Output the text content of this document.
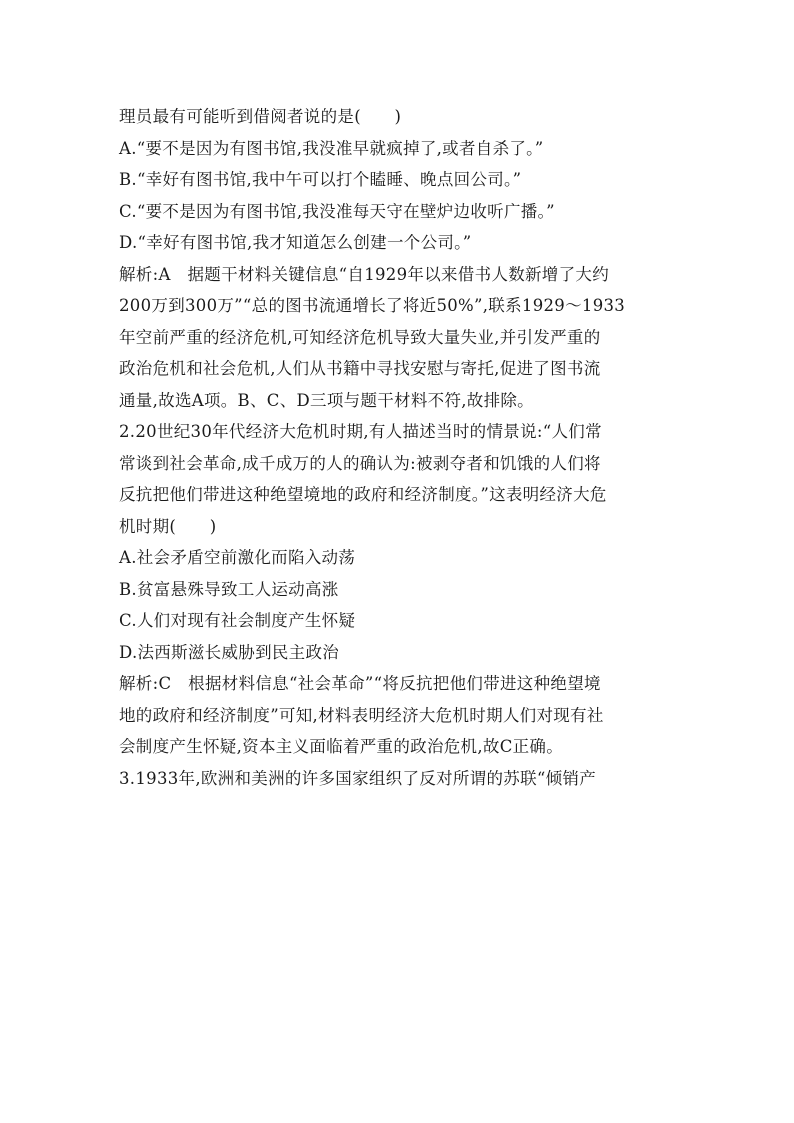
理员最有可能听到借阅者说的是(　　)
A.“要不是因为有图书馆,我没准早就疯掉了,或者自杀了。”
B.“幸好有图书馆,我中午可以打个瞌睡、晚点回公司。”
C.“要不是因为有图书馆,我没准每天守在壁炉边收听广播。”
D.“幸好有图书馆,我才知道怎么创建一个公司。”
解析:A　据题干材料关键信息“自1929年以来借书人数新增了大约
200万到300万”“总的图书流通增长了将近50%”,联系1929～1933
年空前严重的经济危机,可知经济危机导致大量失业,并引发严重的
政治危机和社会危机,人们从书籍中寻找安慰与寄托,促进了图书流
通量,故选A项。B、C、D三项与题干材料不符,故排除。
2.20世纪30年代经济大危机时期,有人描述当时的情景说:“人们常
常谈到社会革命,成千成万的人的确认为:被剥夺者和饥饿的人们将
反抗把他们带进这种绝望境地的政府和经济制度。”这表明经济大危
机时期(　　)
A.社会矛盾空前激化而陷入动荡
B.贫富悬殊导致工人运动高涨
C.人们对现有社会制度产生怀疑
D.法西斯滋长威胁到民主政治
解析:C　根据材料信息“社会革命”“将反抗把他们带进这种绝望境
地的政府和经济制度”可知,材料表明经济大危机时期人们对现有社
会制度产生怀疑,资本主义面临着严重的政治危机,故C正确。
3.1933年,欧洲和美洲的许多国家组织了反对所谓的苏联“倾销产
